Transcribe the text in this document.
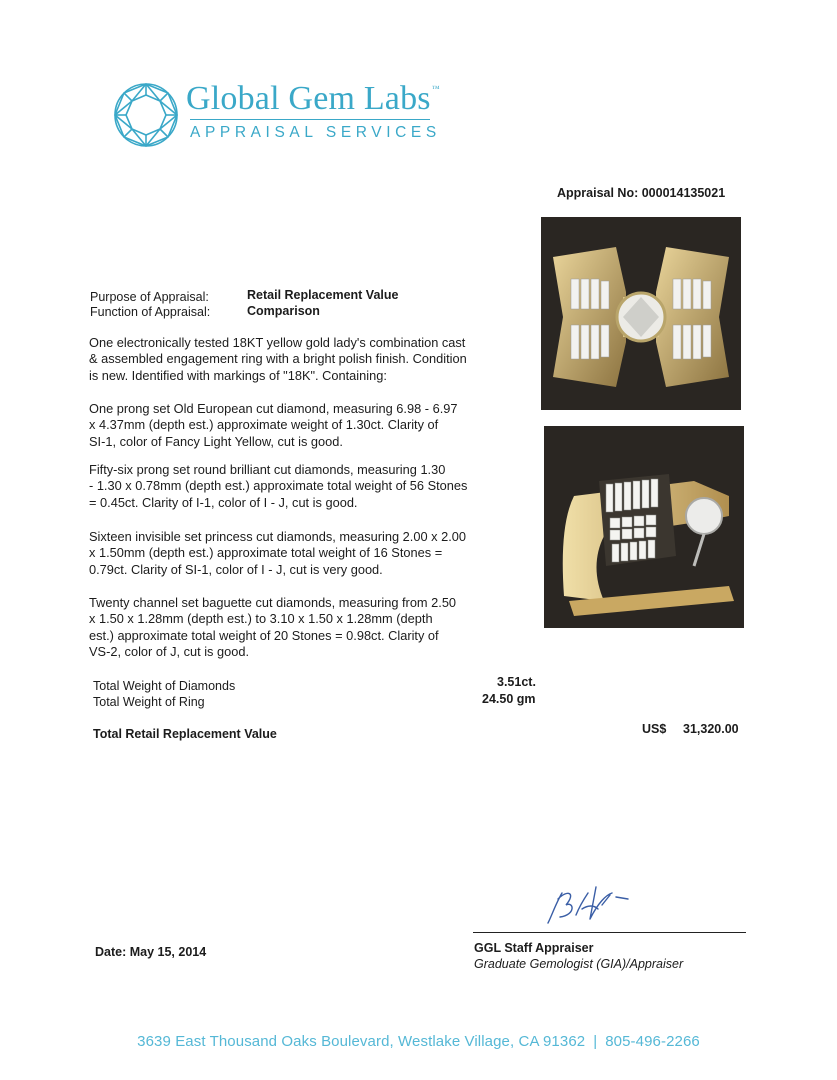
Global Gem Labs™
APPRAISAL SERVICES
Appraisal No: 000014135021
Purpose of Appraisal:	Retail Replacement Value
Function of Appraisal:	Comparison
One electronically tested 18KT yellow gold lady's combination cast
& assembled engagement ring with a bright polish finish. Condition
is new. Identified with markings of "18K". Containing:
One prong set Old European cut diamond, measuring 6.98 - 6.97
x 4.37mm (depth est.) approximate weight of 1.30ct. Clarity of
SI-1, color of Fancy Light Yellow, cut is good.
Fifty-six prong set round brilliant cut diamonds, measuring 1.30
- 1.30 x 0.78mm (depth est.) approximate total weight of 56 Stones
= 0.45ct. Clarity of I-1, color of I - J, cut is good.
Sixteen invisible set princess cut diamonds, measuring 2.00 x 2.00
x 1.50mm (depth est.) approximate total weight of 16 Stones =
0.79ct. Clarity of SI-1, color of I - J, cut is very good.
Twenty channel set baguette cut diamonds, measuring from 2.50
x 1.50 x 1.28mm (depth est.) to 3.10 x 1.50 x 1.28mm (depth
est.) approximate total weight of 20 Stones = 0.98ct. Clarity of
VS-2, color of J, cut is good.
Total Weight of Diamonds	3.51ct.
Total Weight of Ring	24.50 gm
Total Retail Replacement Value	US$ 31,320.00
GGL Staff Appraiser
Graduate Gemologist (GIA)/Appraiser
Date: May 15, 2014
3639 East Thousand Oaks Boulevard, Westlake Village, CA 91362 | 805-496-2266
